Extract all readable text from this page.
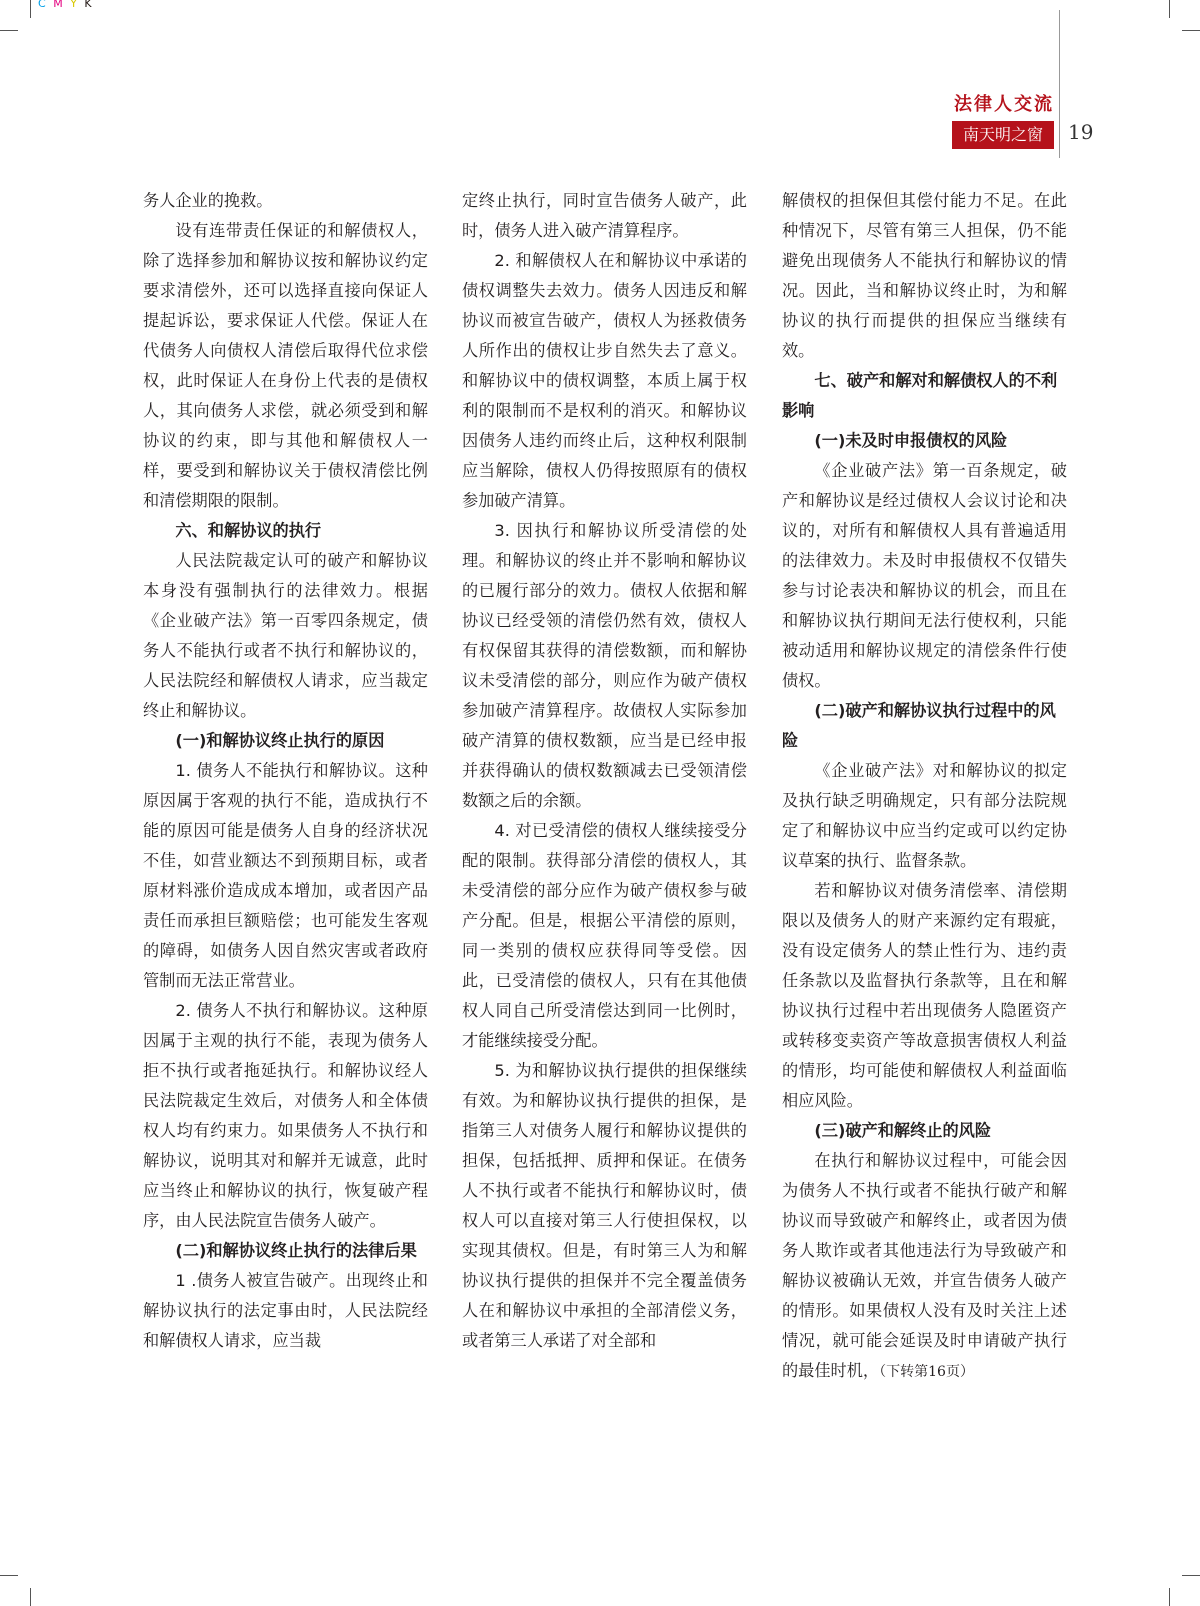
C M Y K
法律人交流
南天明之窗	19

务人企业的挽救。

设有连带责任保证的和解债权人，除了选择参加和解协议按和解协议约定要求清偿外，还可以选择直接向保证人提起诉讼，要求保证人代偿。保证人在代债务人向债权人清偿后取得代位求偿权，此时保证人在身份上代表的是债权人，其向债务人求偿，就必须受到和解协议的约束，即与其他和解债权人一样，要受到和解协议关于债权清偿比例和清偿期限的限制。

六、和解协议的执行

人民法院裁定认可的破产和解协议本身没有强制执行的法律效力。根据《企业破产法》第一百零四条规定，债务人不能执行或者不执行和解协议的，人民法院经和解债权人请求，应当裁定终止和解协议。

(一)和解协议终止执行的原因

1. 债务人不能执行和解协议。这种原因属于客观的执行不能，造成执行不能的原因可能是债务人自身的经济状况不佳，如营业额达不到预期目标，或者原材料涨价造成成本增加，或者因产品责任而承担巨额赔偿；也可能发生客观的障碍，如债务人因自然灾害或者政府管制而无法正常营业。

2. 债务人不执行和解协议。这种原因属于主观的执行不能，表现为债务人拒不执行或者拖延执行。和解协议经人民法院裁定生效后，对债务人和全体债权人均有约束力。如果债务人不执行和解协议，说明其对和解并无诚意，此时应当终止和解协议的执行，恢复破产程序，由人民法院宣告债务人破产。

(二)和解协议终止执行的法律后果

1 .债务人被宣告破产。出现终止和解协议执行的法定事由时，人民法院经和解债权人请求，应当裁

定终止执行，同时宣告债务人破产，此时，债务人进入破产清算程序。

2. 和解债权人在和解协议中承诺的债权调整失去效力。债务人因违反和解协议而被宣告破产，债权人为拯救债务人所作出的债权让步自然失去了意义。和解协议中的债权调整，本质上属于权利的限制而不是权利的消灭。和解协议因债务人违约而终止后，这种权利限制应当解除，债权人仍得按照原有的债权参加破产清算。

3. 因执行和解协议所受清偿的处理。和解协议的终止并不影响和解协议的已履行部分的效力。债权人依据和解协议已经受领的清偿仍然有效，债权人有权保留其获得的清偿数额，而和解协议未受清偿的部分，则应作为破产债权参加破产清算程序。故债权人实际参加破产清算的债权数额，应当是已经申报并获得确认的债权数额减去已受领清偿数额之后的余额。

4. 对已受清偿的债权人继续接受分配的限制。获得部分清偿的债权人，其未受清偿的部分应作为破产债权参与破产分配。但是，根据公平清偿的原则，同一类别的债权应获得同等受偿。因此，已受清偿的债权人，只有在其他债权人同自己所受清偿达到同一比例时，才能继续接受分配。

5. 为和解协议执行提供的担保继续有效。为和解协议执行提供的担保，是指第三人对债务人履行和解协议提供的担保，包括抵押、质押和保证。在债务人不执行或者不能执行和解协议时，债权人可以直接对第三人行使担保权，以实现其债权。但是，有时第三人为和解协议执行提供的担保并不完全覆盖债务人在和解协议中承担的全部清偿义务，或者第三人承诺了对全部和

解债权的担保但其偿付能力不足。在此种情况下，尽管有第三人担保，仍不能避免出现债务人不能执行和解协议的情况。因此，当和解协议终止时，为和解协议的执行而提供的担保应当继续有效。

七、破产和解对和解债权人的不利影响

(一)未及时申报债权的风险

《企业破产法》第一百条规定，破产和解协议是经过债权人会议讨论和决议的，对所有和解债权人具有普遍适用的法律效力。未及时申报债权不仅错失参与讨论表决和解协议的机会，而且在和解协议执行期间无法行使权利，只能被动适用和解协议规定的清偿条件行使债权。

(二)破产和解协议执行过程中的风险

《企业破产法》对和解协议的拟定及执行缺乏明确规定，只有部分法院规定了和解协议中应当约定或可以约定协议草案的执行、监督条款。

若和解协议对债务清偿率、清偿期限以及债务人的财产来源约定有瑕疵，没有设定债务人的禁止性行为、违约责任条款以及监督执行条款等，且在和解协议执行过程中若出现债务人隐匿资产或转移变卖资产等故意损害债权人利益的情形，均可能使和解债权人利益面临相应风险。

(三)破产和解终止的风险

在执行和解协议过程中，可能会因为债务人不执行或者不能执行破产和解协议而导致破产和解终止，或者因为债务人欺诈或者其他违法行为导致破产和解协议被确认无效，并宣告债务人破产的情形。如果债权人没有及时关注上述情况，就可能会延误及时申请破产执行的最佳时机，（下转第16页）
